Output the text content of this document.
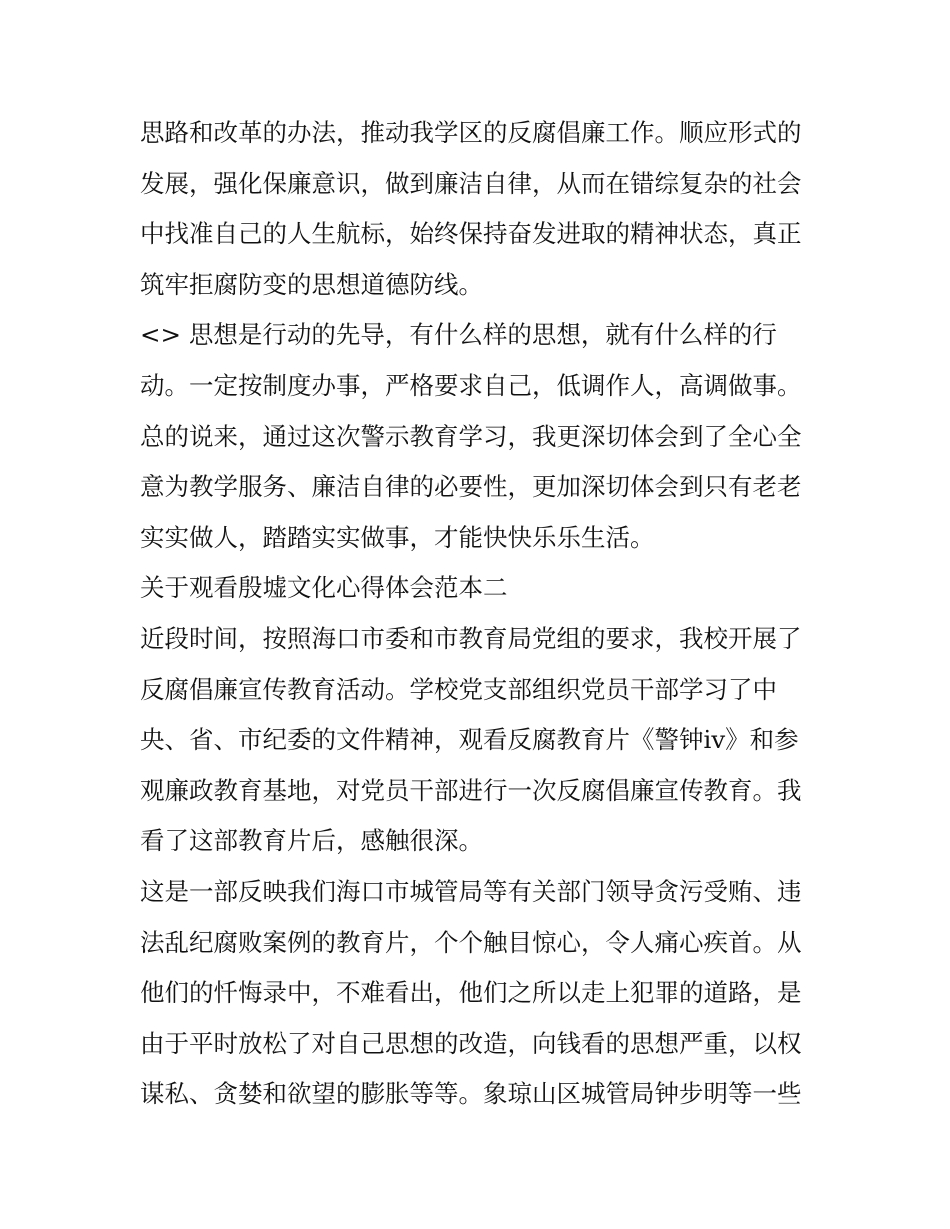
思路和改革的办法，推动我学区的反腐倡廉工作。顺应形式的
发展，强化保廉意识，做到廉洁自律，从而在错综复杂的社会
中找准自己的人生航标，始终保持奋发进取的精神状态，真正
筑牢拒腐防变的思想道德防线。
<> 思想是行动的先导，有什么样的思想，就有什么样的行
动。一定按制度办事，严格要求自己，低调作人，高调做事。
总的说来，通过这次警示教育学习，我更深切体会到了全心全
意为教学服务、廉洁自律的必要性，更加深切体会到只有老老
实实做人，踏踏实实做事，才能快快乐乐生活。
关于观看殷墟文化心得体会范本二
近段时间，按照海口市委和市教育局党组的要求，我校开展了
反腐倡廉宣传教育活动。学校党支部组织党员干部学习了中
央、省、市纪委的文件精神，观看反腐教育片《警钟ⅳ》和参
观廉政教育基地，对党员干部进行一次反腐倡廉宣传教育。我
看了这部教育片后，感触很深。
这是一部反映我们海口市城管局等有关部门领导贪污受贿、违
法乱纪腐败案例的教育片，个个触目惊心，令人痛心疾首。从
他们的忏悔录中，不难看出，他们之所以走上犯罪的道路，是
由于平时放松了对自己思想的改造，向钱看的思想严重，以权
谋私、贪婪和欲望的膨胀等等。象琼山区城管局钟步明等一些
